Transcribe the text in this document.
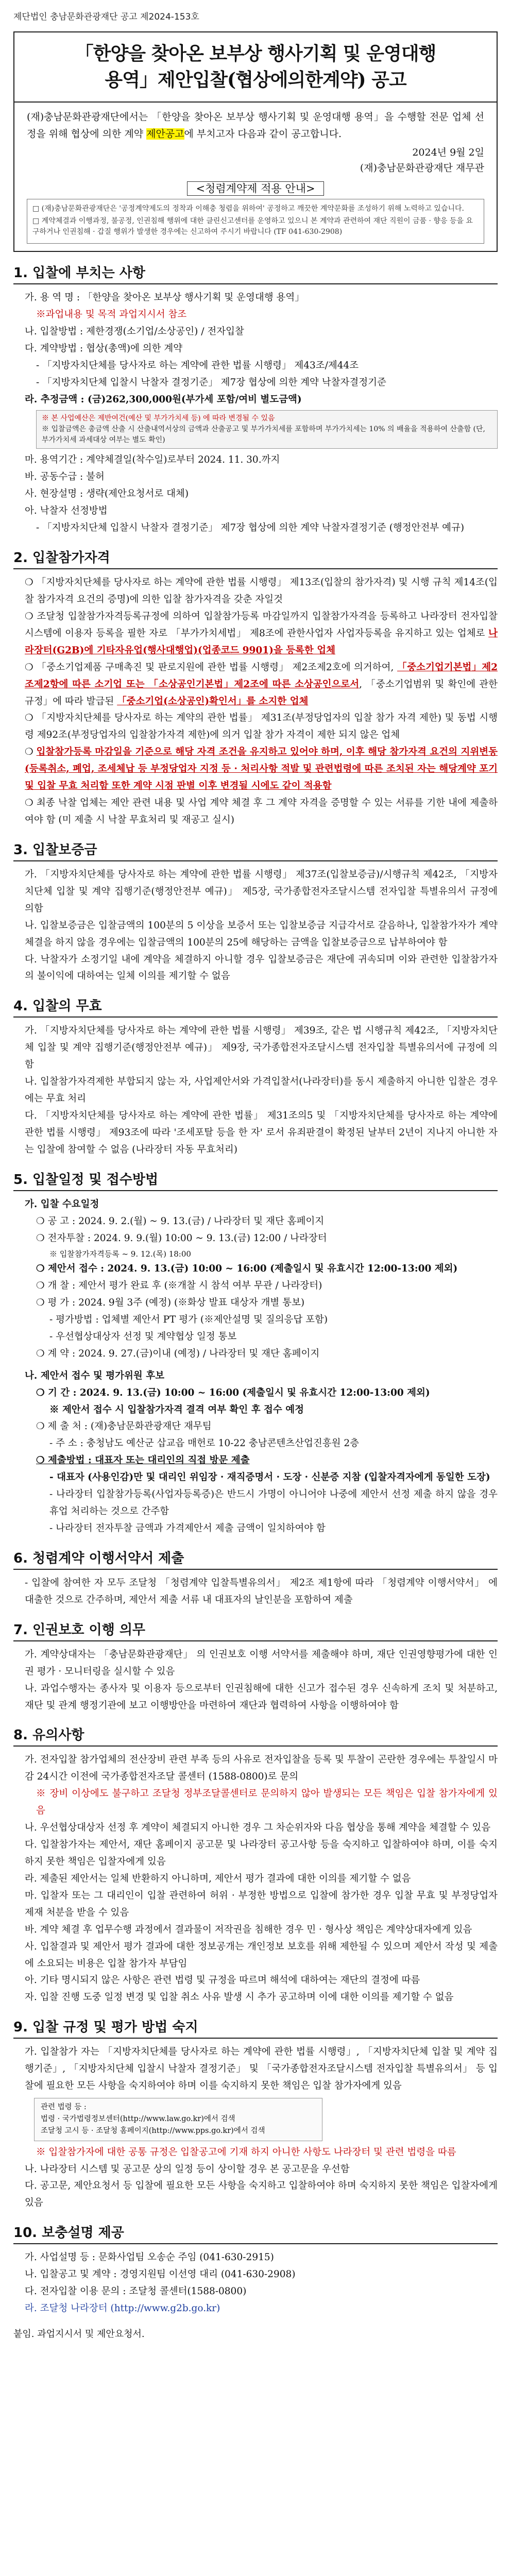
제단법인 충남문화관광재단 공고 제2024-153호
「한양을 찾아온 보부상 행사기획 및 운영대행
용역」제안입찰(협상에의한계약) 공고

(재)충남문화관광재단에서는 「한양을 찾아온 보부상 행사기획 및 운영대행 용역」을 수행할 전문 업체 선정을 위해 협상에 의한 계약 제안공고에 부치고자 다음과 같이 공고합니다.

2024년 9월 2일
(재)충남문화관광재단 재무관
<청렴계약제 적용 안내>

□ (재)충남문화관광재단은 '공정계약제도의 정착과 이해충 청렴을 위하여' 공정하고 깨끗한 계약문화를 조성하기 위해 노력하고 있습니다.

□ 계약체결과 이행과정, 불공정, 인권침해 행위에 대한 클린신고센터를 운영하고 있으니 본 계약과 관련하여 재단 직원이 금품 · 향응 등을 요구하거나 인권침해 · 갑질 행위가 발생한 경우에는 신고하여 주시기 바랍니다 (TF 041-630-2908)

1. 입찰에 부치는 사항
가. 용 역 명 : 「한양을 찾아온 보부상 행사기획 및 운영대행 용역」
※과업내용 및 목적 과업지시서 참조
나. 입찰방법 : 제한경쟁(소기업/소상공인) / 전자입찰
다. 계약방법 : 협상(총액)에 의한 계약
- 「지방자치단체를 당사자로 하는 계약에 관한 법률 시행령」 제43조/제44조
- 「지방자치단체 입찰시 낙찰자 결정기준」 제7장 협상에 의한 계약 낙찰자결정기준
라. 추정금액 : (금)262,300,000원(부가세 포함/여비 별도금액)
※ 본 사업예산은 제반여건(예산 및 부가가치세 등) 에 따라 변경될 수 있음
※ 입찰금액은 총금액 산출 시 산출내역서상의 금액과 산출공고 및 부가가치세를 포함하며 부가가치세는 10% 의 배율을 적용하여 산출함 (단, 부가가치세 과세대상 여부는 별도 확인)
마. 용역기간 : 계약체결일(착수일)로부터 2024. 11. 30.까지
바. 공동수급 : 불허
사. 현장설명 : 생략(제안요청서로 대체)
아. 낙찰자 선정방법
- 「지방자치단체 입찰시 낙찰자 결정기준」 제7장 협상에 의한 계약 낙찰자결정기준 (행정안전부 예규)
2. 입찰참가자격
❍ 「지방자치단체를 당사자로 하는 계약에 관한 법률 시행령」 제13조(입찰의 참가자격) 및 시행 규칙 제14조(입찰 참가자격 요건의 증명)에 의한 입찰 참가자격을 갖춘 자일것
❍ 조달청 입찰참가자격등록규정에 의하여 입찰참가등록 마감일까지 입찰참가자격을 등록하고 나라장터 전자입찰시스템에 이용자 등록을 필한 자로 「부가가치세법」 제8조에 관한사업자 사업자등록을 유지하고 있는 업체로 나라장터(G2B)에 기타자유업(행사대행업)(업종코드 9901)을 등록한 업체
❍ 「중소기업제품 구매촉진 및 판로지원에 관한 법률 시행령」 제2조제2호에 의거하여, 「중소기업기본법」제2조제2항에 따른 소기업 또는 「소상공인기본법」제2조에 따른 소상공인으로서, 「중소기업범위 및 확인에 관한 규정」에 따라 발급된 「중소기업(소상공인)확인서」를 소지한 업체
❍ 「지방자치단체를 당사자로 하는 계약의 관한 법률」 제31조(부정당업자의 입찰 참가 자격 제한) 및 동법 시행령 제92조(부정당업자의 입찰참가자격 제한)에 의거 입찰 참가 자격이 제한 되지 않은 업체
❍ 입찰참가등록 마감일을 기준으로 해당 자격 조건을 유지하고 있어야 하며, 이후 해당 참가자격 요건의 지위변동(등록취소, 폐업, 조세체납 등 부정당업자 지정 등 · 처리사항 적발 및 관련법령에 따른 조치된 자는 해당계약 포기 및 입찰 무효 처리함 또한 계약 시점 판별 이후 변경될 시에도 같이 적용함
❍ 최종 낙찰 업체는 제안 관련 내용 및 사업 계약 체결 후 그 계약 자격을 증명할 수 있는 서류를 기한 내에 제출하여야 함 (미 제출 시 낙찰 무효처리 및 재공고 실시)
3. 입찰보증금
가. 「지방자치단체를 당사자로 하는 계약에 관한 법률 시행령」 제37조(입찰보증금)/시행규칙 제42조, 「지방자치단체 입찰 및 계약 집행기준(행정안전부 예규)」 제5장, 국가종합전자조달시스템 전자입찰 특별유의서 규정에 의함
나. 입찰보증금은 입찰금액의 100분의 5 이상을 보증서 또는 입찰보증금 지급각서로 갈음하나, 입찰참가자가 계약체결을 하지 않을 경우에는 입찰금액의 100분의 25에 해당하는 금액을 입찰보증금으로 납부하여야 함
다. 낙찰자가 소정기일 내에 계약을 체결하지 아니할 경우 입찰보증금은 재단에 귀속되며 이와 관련한 입찰참가자의 불이익에 대하여는 일체 이의를 제기할 수 없음
4. 입찰의 무효
가. 「지방자치단체를 당사자로 하는 계약에 관한 법률 시행령」 제39조, 같은 법 시행규칙 제42조, 「지방자치단체 입찰 및 계약 집행기준(행정안전부 예규)」 제9장, 국가종합전자조달시스템 전자입찰 특별유의서에 규정에 의함
나. 입찰참가자격제한 부합되지 않는 자, 사업제안서와 가격입찰서(나라장터)를 동시 제출하지 아니한 입찰은 경우에는 무효 처리
다. 「지방자치단체를 당사자로 하는 계약에 관한 법률」 제31조의5 및 「지방자치단체를 당사자로 하는 계약에 관한 법률 시행령」 제93조에 따라 '조세포탈 등을 한 자' 로서 유죄판결이 확정된 날부터 2년이 지나지 아니한 자는 입찰에 참여할 수 없음 (나라장터 자동 무효처리)
5. 입찰일정 및 접수방법
가. 입찰 수요일정
❍ 공 고 : 2024. 9. 2.(월) ~ 9. 13.(금) / 나라장터 및 재단 홈페이지
❍ 전자투찰 : 2024. 9. 9.(월) 10:00 ~ 9. 13.(금) 12:00 / 나라장터
※ 입찰참가자격등록 ~ 9. 12.(목) 18:00
❍ 제안서 접수 : 2024. 9. 13.(금) 10:00 ~ 16:00 (제출일시 및 유효시간 12:00-13:00 제외)
❍ 개 찰 : 제안서 평가 완료 후 (※개찰 시 참석 여부 무관 / 나라장터)
❍ 평 가 : 2024. 9월 3주 (예정) (※화상 발표 대상자 개별 통보)
- 평가방법 : 업체별 제안서 PT 평가 (※제안설명 및 질의응답 포함)
- 우선협상대상자 선정 및 계약협상 일정 통보
❍ 계 약 : 2024. 9. 27.(금)이내 (예정) / 나라장터 및 재단 홈페이지
나. 제안서 접수 및 평가위원 후보
❍ 기 간 : 2024. 9. 13.(금) 10:00 ~ 16:00 (제출일시 및 유효시간 12:00-13:00 제외)
※ 제안서 접수 시 입찰참가자격 결격 여부 확인 후 접수 예정
❍ 제 출 처 : (재)충남문화관광재단 재무팀
- 주 소 : 충청남도 예산군 삽교읍 매헌로 10-22 충남콘텐츠산업진흥원 2층
❍ 제출방법 : 대표자 또는 대리인의 직접 방문 제출
- 대표자 (사용인감)만 및 대리인 위임장 · 재직증명서 · 도장 · 신분증 지참 (입찰자격자에게 동일한 도장)
- 나라장터 입찰참가등록(사업자등록증)은 반드시 가명이 아니어야 나중에 제안서 선정 제출 하지 않을 경우 휴업 처리하는 것으로 간주함
- 나라장터 전자투찰 금액과 가격제안서 제출 금액이 일치하여야 함
6. 청렴계약 이행서약서 제출
- 입찰에 참여한 자 모두 조달청 「청렴계약 입찰특별유의서」 제2조 제1항에 따라 「청렴계약 이행서약서」 에 대출한 것으로 간주하며, 제안서 제출 서류 내 대표자의 날인분을 포함하여 제출
7. 인권보호 이행 의무
가. 계약상대자는 「충남문화관광재단」 의 인권보호 이행 서약서를 제출해야 하며, 재단 인권영향평가에 대한 인권 평가 · 모니터링을 실시할 수 있음
나. 과업수행자는 종사자 및 이용자 등으로부터 인권침해에 대한 신고가 접수된 경우 신속하게 조치 및 처분하고, 재단 및 관계 행정기관에 보고 이행방안을 마련하여 재단과 협력하여 사항을 이행하여야 함
8. 유의사항
가. 전자입찰 참가업체의 전산장비 관련 부족 등의 사유로 전자입찰을 등록 및 투찰이 곤란한 경우에는 투찰일시 마감 24시간 이전에 국가종합전자조달 콜센터 (1588-0800)로 문의
※ 장비 이상에도 불구하고 조달청 정부조달콜센터로 문의하지 않아 발생되는 모든 책임은 입찰 참가자에게 있음
나. 우선협상대상자 선정 후 계약이 체결되지 아니한 경우 그 차순위자와 다음 협상을 통해 계약을 체결할 수 있음
다. 입찰참가자는 제안서, 재단 홈페이지 공고문 및 나라장터 공고사항 등을 숙지하고 입찰하여야 하며, 이를 숙지하지 못한 책임은 입찰자에게 있음
라. 제출된 제안서는 일체 반환하지 아니하며, 제안서 평가 결과에 대한 이의를 제기할 수 없음
마. 입찰자 또는 그 대리인이 입찰 관련하여 허위 · 부정한 방법으로 입찰에 참가한 경우 입찰 무효 및 부정당업자 제재 처분을 받을 수 있음
바. 계약 체결 후 업무수행 과정에서 결과물이 저작권을 침해한 경우 민 · 형사상 책임은 계약상대자에게 있음
사. 입찰결과 및 제안서 평가 결과에 대한 정보공개는 개인정보 보호를 위해 제한될 수 있으며 제안서 작성 및 제출에 소요되는 비용은 입찰 참가자 부담임
아. 기타 명시되지 않은 사항은 관련 법령 및 규정을 따르며 해석에 대하여는 재단의 결정에 따름
자. 입찰 진행 도중 일정 변경 및 입찰 취소 사유 발생 시 추가 공고하며 이에 대한 이의를 제기할 수 없음
9. 입찰 규정 및 평가 방법 숙지
가. 입찰참가 자는 「지방자치단체를 당사자로 하는 계약에 관한 법률 시행령」, 「지방자치단체 입찰 및 계약 집행기준」, 「지방자치단체 입찰시 낙찰자 결정기준」 및 「국가종합전자조달시스템 전자입찰 특별유의서」 등 입찰에 필요한 모든 사항을 숙지하여야 하며 이를 숙지하지 못한 책임은 입찰 참가자에게 있음
관련 법령 등 :
법령 · 국가법령정보센터(http://www.law.go.kr)에서 검색
조달청 고시 등 · 조달청 홈페이지(http://www.pps.go.kr)에서 검색
※ 입찰참가자에 대한 공통 규정은 입찰공고에 기재 하지 아니한 사항도 나라장터 및 관련 법령을 따름
나. 나라장터 시스템 및 공고문 상의 일정 등이 상이할 경우 본 공고문을 우선함
다. 공고문, 제안요청서 등 입찰에 필요한 모든 사항을 숙지하고 입찰하여야 하며 숙지하지 못한 책임은 입찰자에게 있음
10. 보충설명 제공
가. 사업설명 등 : 문화사업팀 오송순 주임 (041-630-2915)
나. 입찰공고 및 계약 : 경영지원팀 이선영 대리 (041-630-2908)
다. 전자입찰 이용 문의 : 조달청 콜센터(1588-0800)
라. 조달청 나라장터 (http://www.g2b.go.kr)
붙임. 과업지시서 및 제안요청서.
